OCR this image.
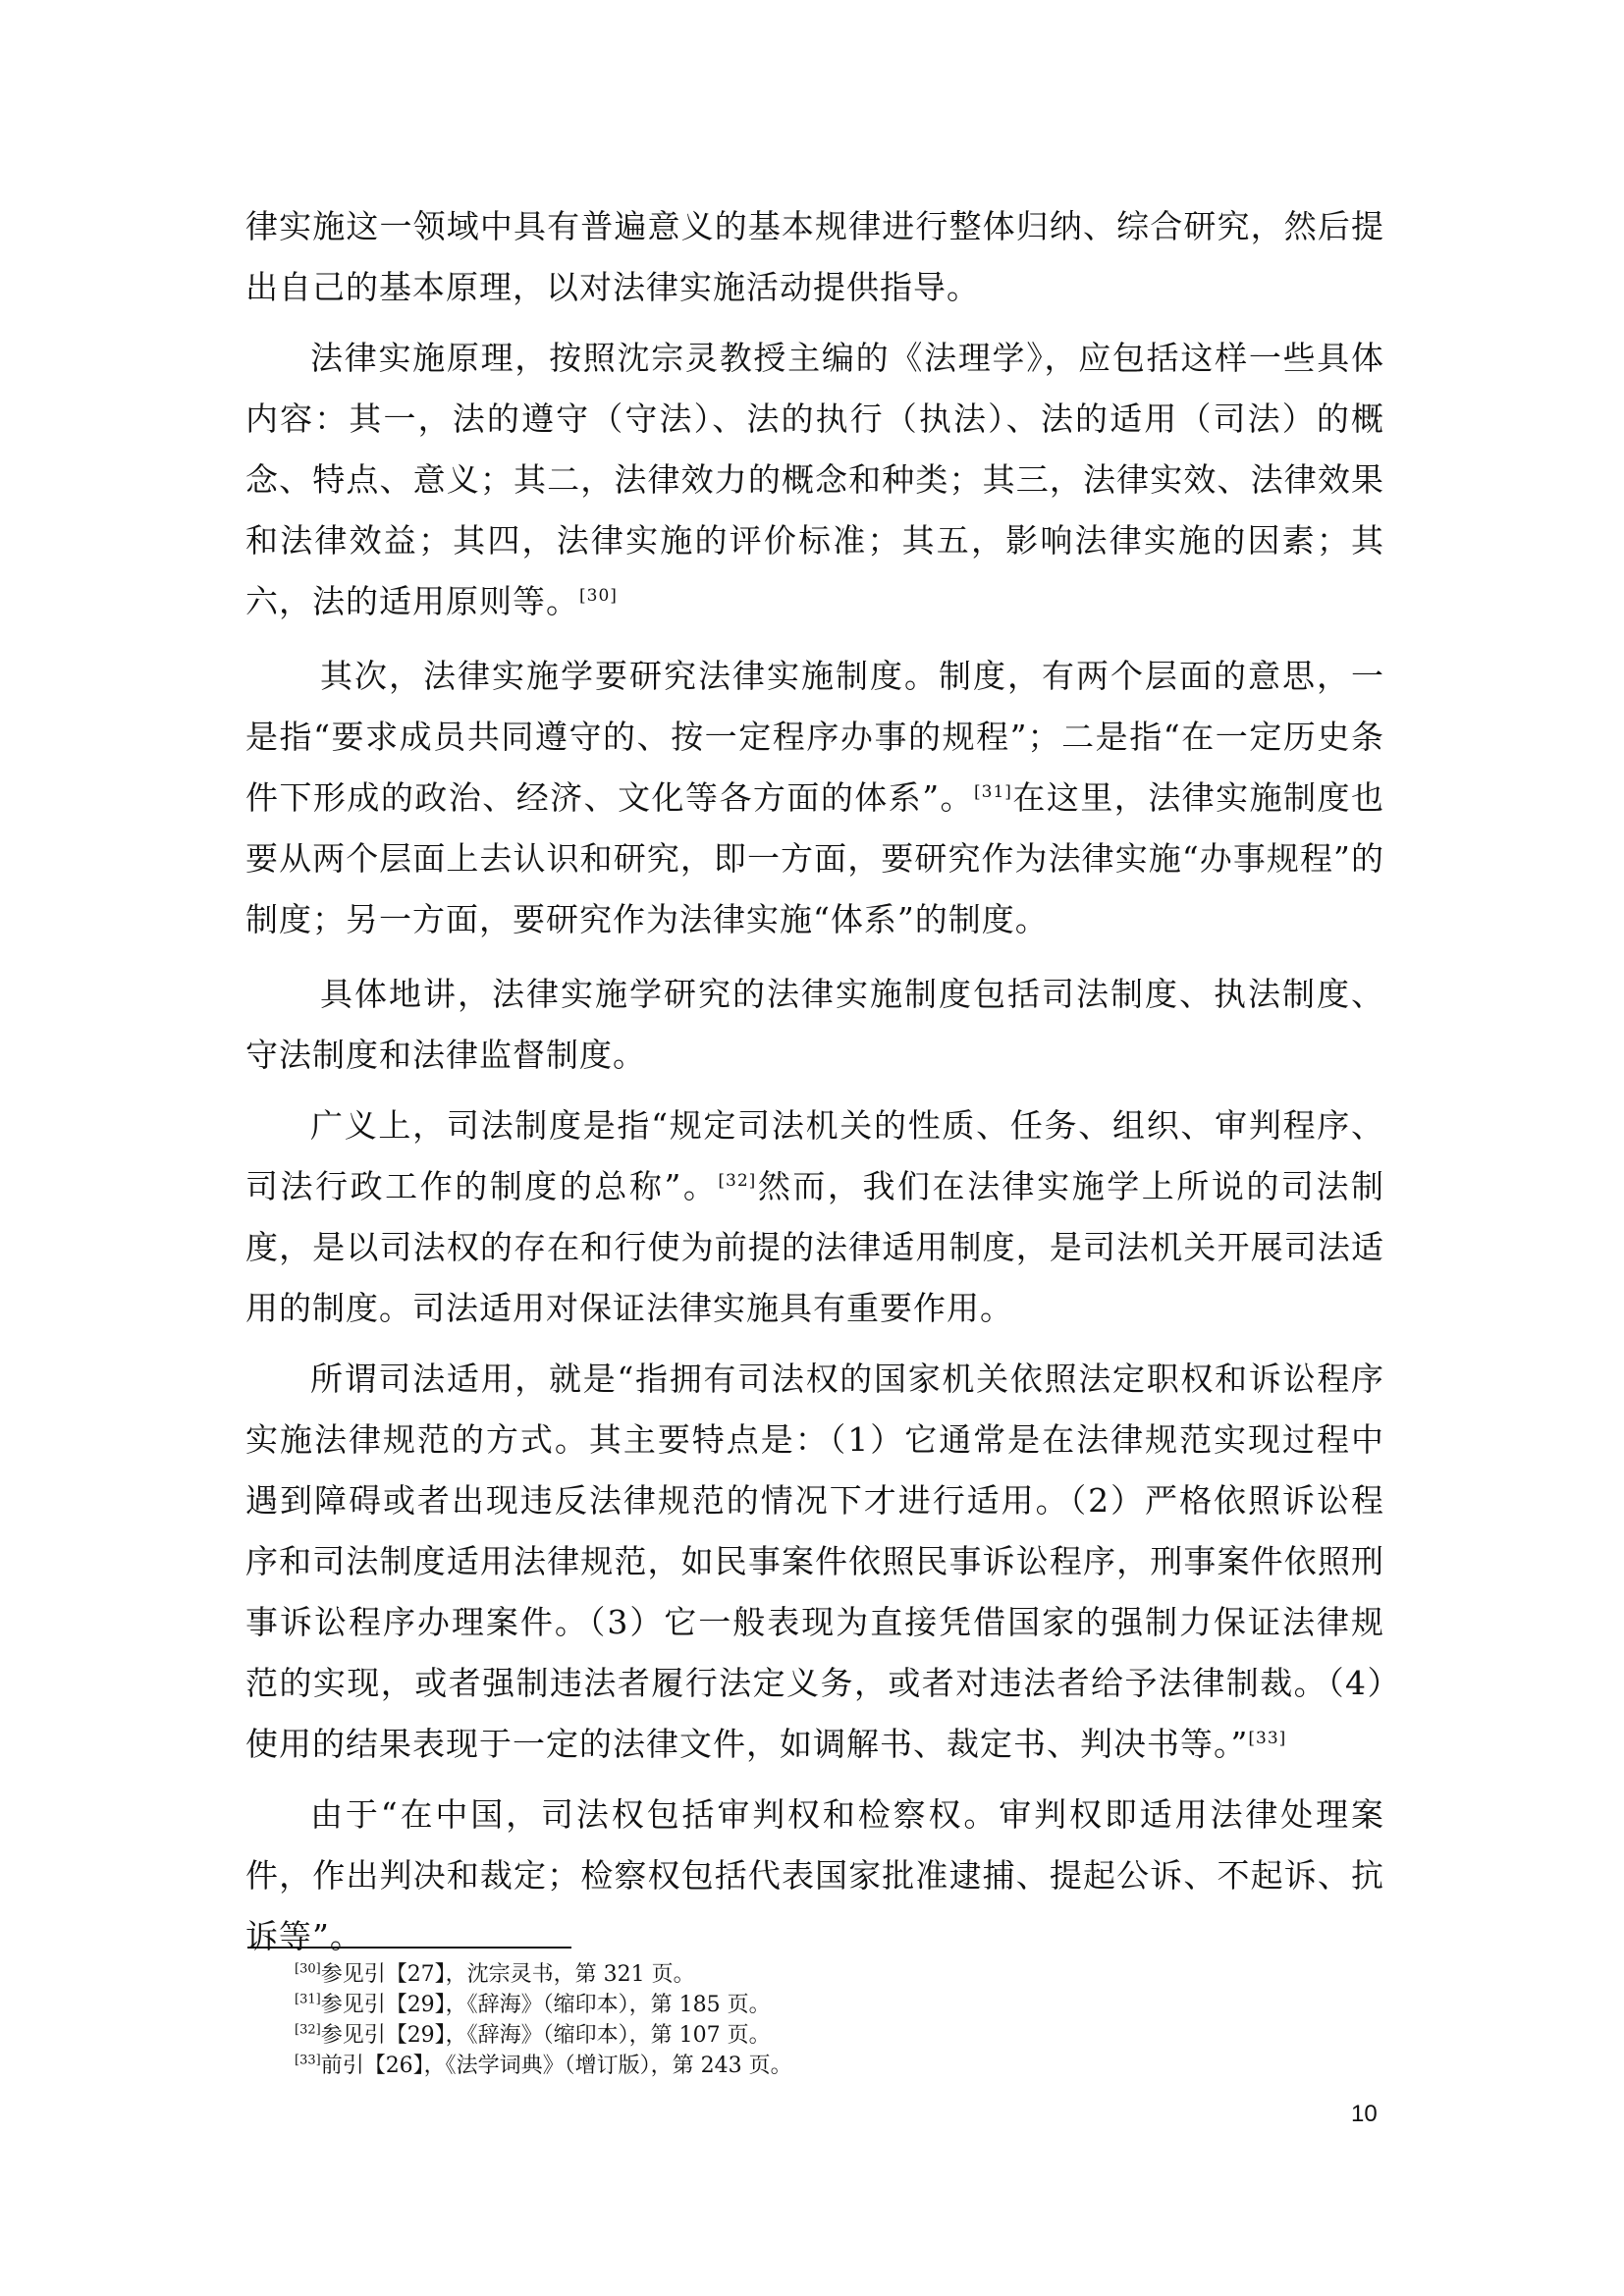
律实施这一领域中具有普遍意义的基本规律进行整体归纳、综合研究，然后提出自己的基本原理，以对法律实施活动提供指导。

法律实施原理，按照沈宗灵教授主编的《法理学》，应包括这样一些具体内容：其一，法的遵守（守法）、法的执行（执法）、法的适用（司法）的概念、特点、意义；其二，法律效力的概念和种类；其三，法律实效、法律效果和法律效益；其四，法律实施的评价标准；其五，影响法律实施的因素；其六，法的适用原则等。[30]

其次，法律实施学要研究法律实施制度。制度，有两个层面的意思，一是指“要求成员共同遵守的、按一定程序办事的规程”；二是指“在一定历史条件下形成的政治、经济、文化等各方面的体系”。[31]在这里，法律实施制度也要从两个层面上去认识和研究，即一方面，要研究作为法律实施“办事规程”的制度；另一方面，要研究作为法律实施“体系”的制度。

具体地讲，法律实施学研究的法律实施制度包括司法制度、执法制度、守法制度和法律监督制度。

广义上，司法制度是指“规定司法机关的性质、任务、组织、审判程序、司法行政工作的制度的总称”。[32]然而，我们在法律实施学上所说的司法制度，是以司法权的存在和行使为前提的法律适用制度，是司法机关开展司法适用的制度。司法适用对保证法律实施具有重要作用。

所谓司法适用，就是“指拥有司法权的国家机关依照法定职权和诉讼程序实施法律规范的方式。其主要特点是：（1）它通常是在法律规范实现过程中遇到障碍或者出现违反法律规范的情况下才进行适用。（2）严格依照诉讼程序和司法制度适用法律规范，如民事案件依照民事诉讼程序，刑事案件依照刑事诉讼程序办理案件。（3）它一般表现为直接凭借国家的强制力保证法律规范的实现，或者强制违法者履行法定义务，或者对违法者给予法律制裁。（4）使用的结果表现于一定的法律文件，如调解书、裁定书、判决书等。”[33]

由于“在中国，司法权包括审判权和检察权。审判权即适用法律处理案件，作出判决和裁定；检察权包括代表国家批准逮捕、提起公诉、不起诉、抗诉等”。

[30]参见引【27】，沈宗灵书，第 321 页。
[31]参见引【29】，《辞海》（缩印本），第 185 页。
[32]参见引【29】，《辞海》（缩印本），第 107 页。
[33]前引【26】，《法学词典》（增订版），第 243 页。
10
